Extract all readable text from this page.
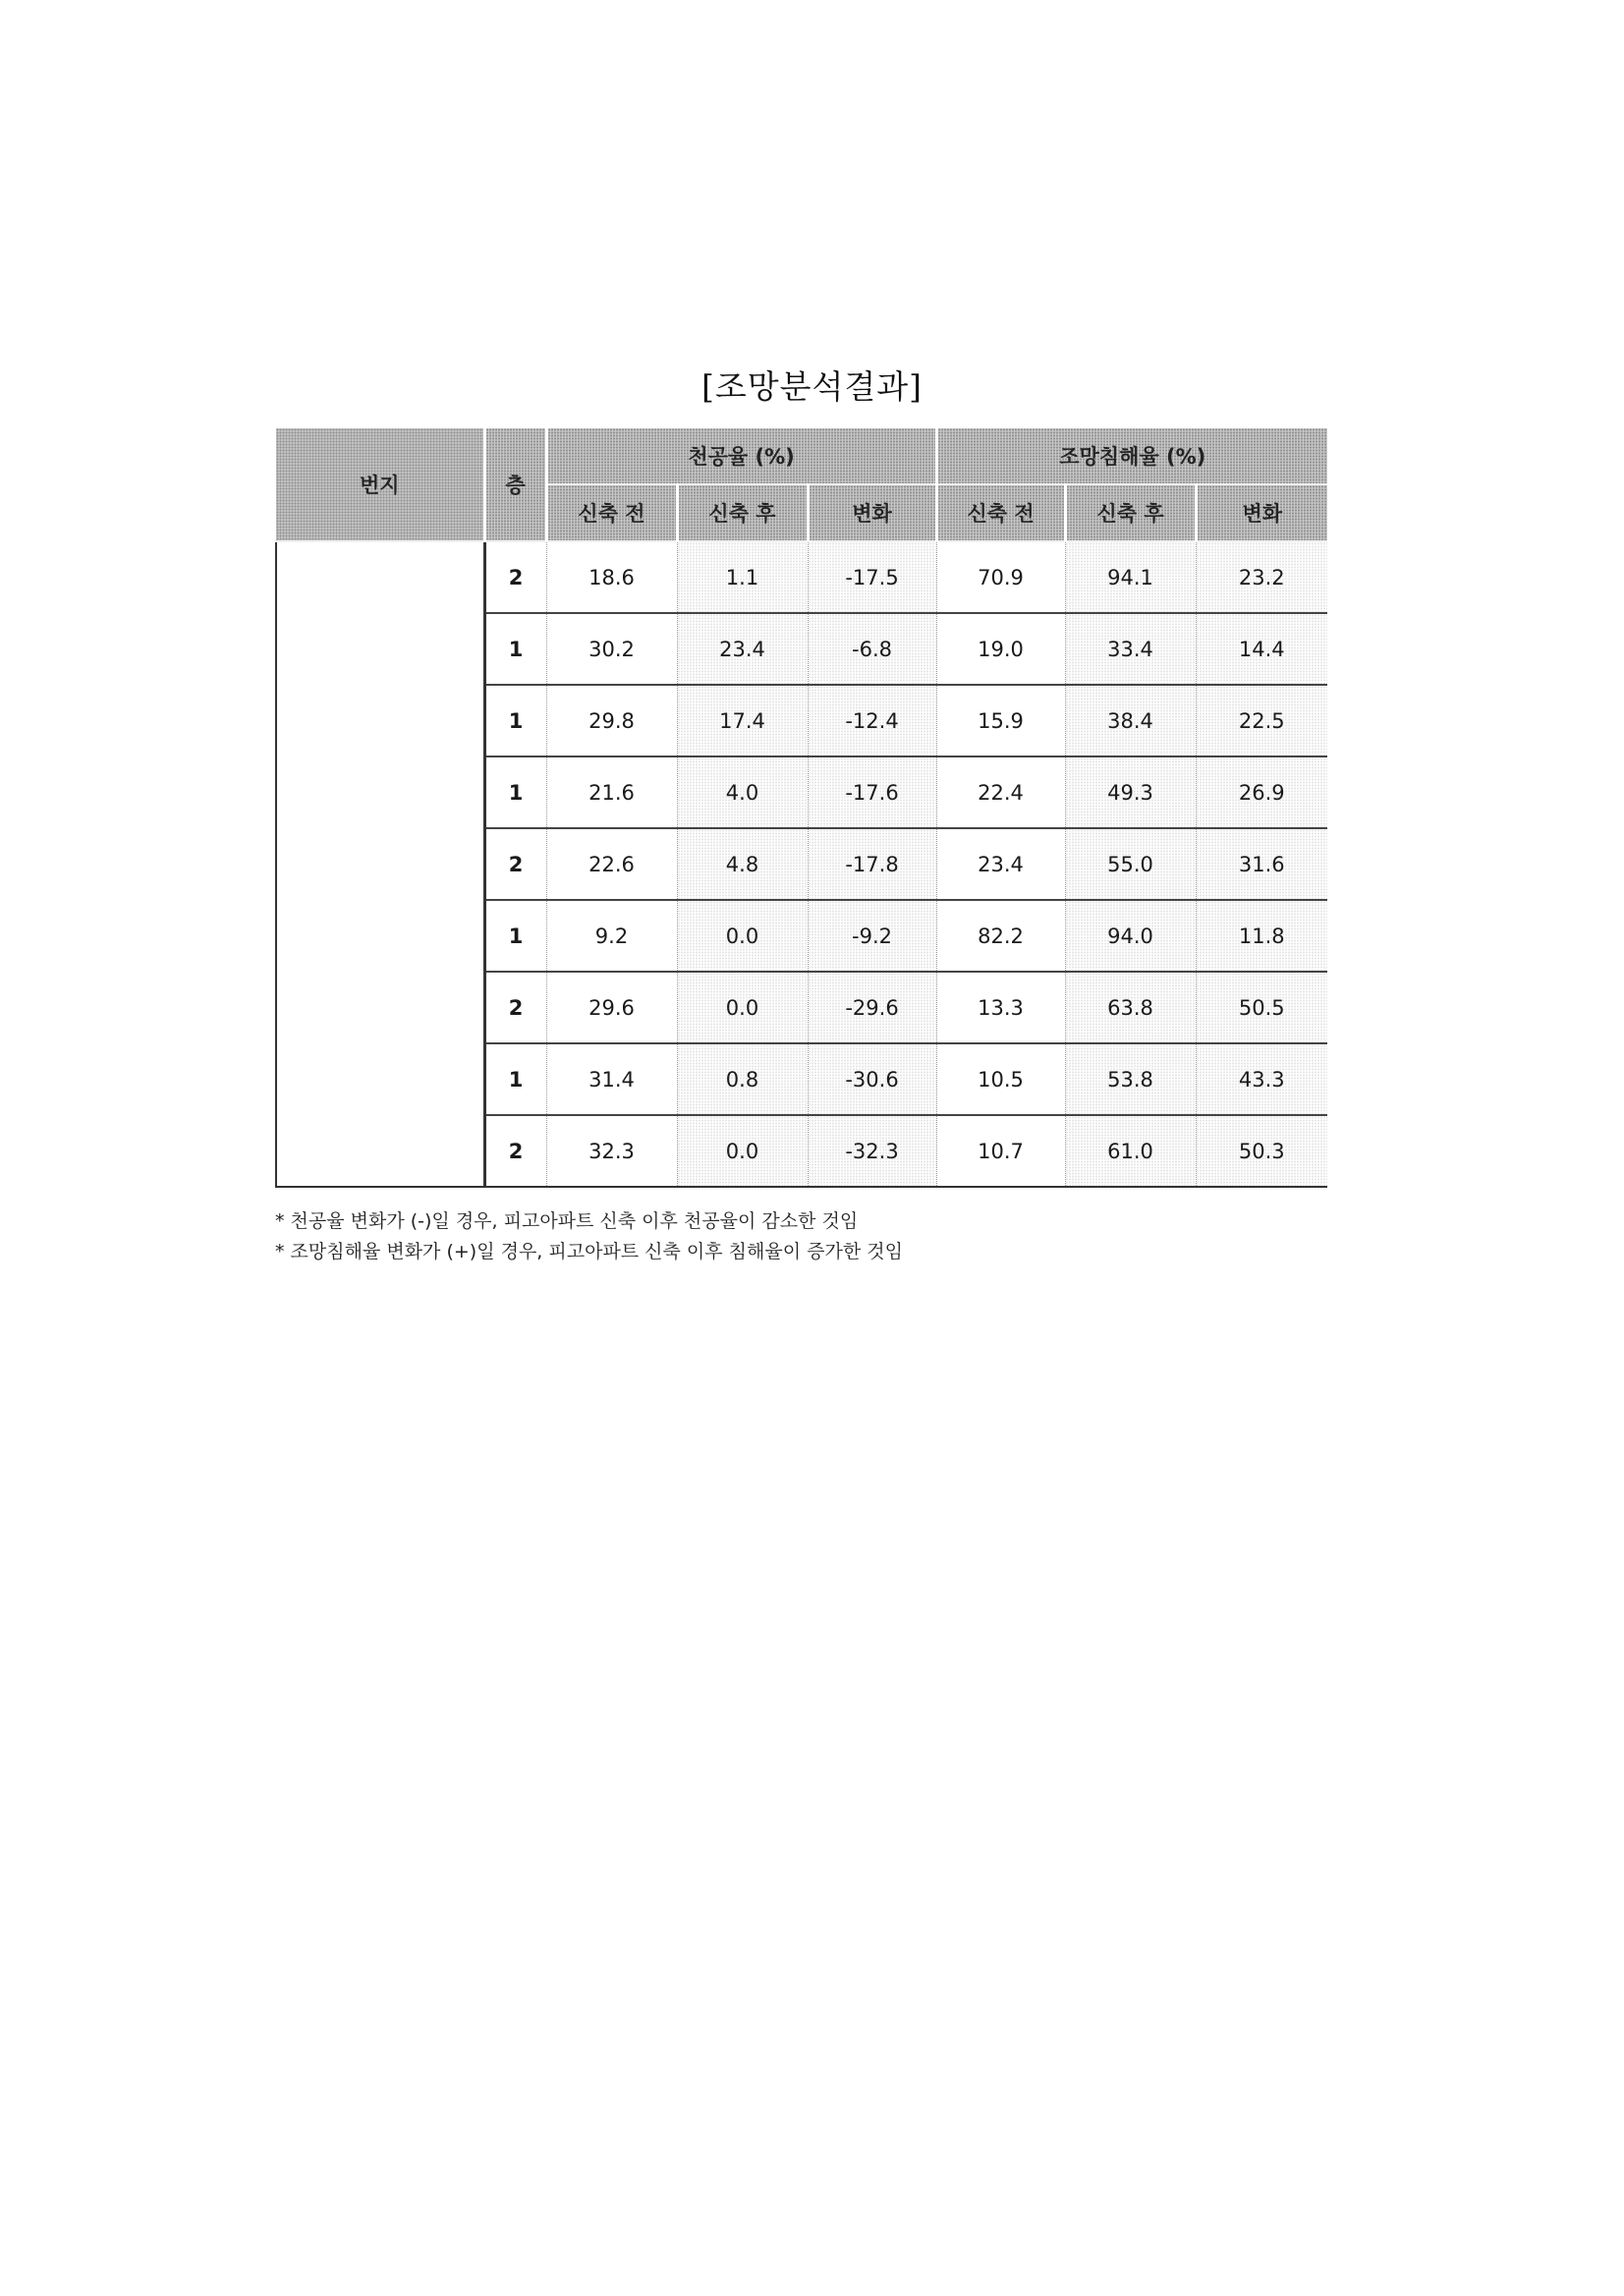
[조망분석결과]
번지	층	천공율 (%)			조망침해율 (%)		
		신축 전	신축 후	변화	신축 전	신축 후	변화
	2	18.6	1.1	-17.5	70.9	94.1	23.2
	1	30.2	23.4	-6.8	19.0	33.4	14.4
	1	29.8	17.4	-12.4	15.9	38.4	22.5
	1	21.6	4.0	-17.6	22.4	49.3	26.9
	2	22.6	4.8	-17.8	23.4	55.0	31.6
	1	9.2	0.0	-9.2	82.2	94.0	11.8
	2	29.6	0.0	-29.6	13.3	63.8	50.5
	1	31.4	0.8	-30.6	10.5	53.8	43.3
	2	32.3	0.0	-32.3	10.7	61.0	50.3
* 천공율 변화가 (-)일 경우, 피고아파트 신축 이후 천공율이 감소한 것임
* 조망침해율 변화가 (+)일 경우, 피고아파트 신축 이후 침해율이 증가한 것임
